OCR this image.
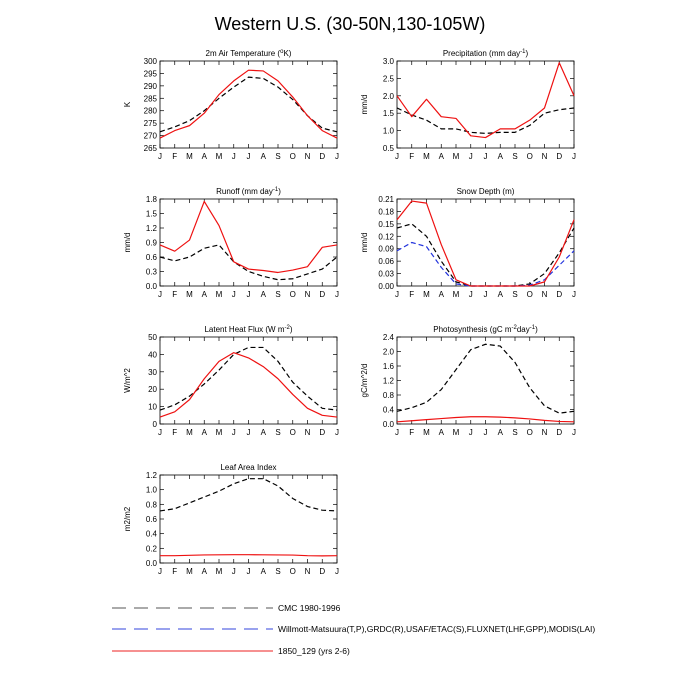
Western U.S. (30-50N,130-105W)
2m Air Temperature ($^o$K)
K
265
270
275
280
285
290
295
300
J F M A M J J A S O N D J
Precipitation (mm day$^{-1}$)
mm/d
0.5
1.0
1.5
2.0
2.5
3.0
J F M A M J J A S O N D J
Runoff (mm day$^{-1}$)
mm/d
0.0
0.3
0.6
0.9
1.2
1.5
1.8
J F M A M J J A S O N D J
Snow Depth (m)
mm/d
0.00
0.03
0.06
0.09
0.12
0.15
0.18
0.21
J F M A M J J A S O N D J
Latent Heat Flux (W $m^{-2}$)
W/m^2
0
10
20
30
40
50
J F M A M J J A S O N D J
Photosynthesis (gC $m^{-2}day^{-1}$)
gC/m^2/d
0.0
0.4
0.8
1.2
1.6
2.0
2.4
J F M A M J J A S O N D J
Leaf Area Index
m2/m2
0.0
0.2
0.4
0.6
0.8
1.0
1.2
J F M A M J J A S O N D J
CMC 1980-1996
Willmott-Matsuura(T,P),GRDC(R),USAF/ETAC(S),FLUXNET(LHF,GPP),MODIS(LAI)
1850_129 (yrs 2-6)
